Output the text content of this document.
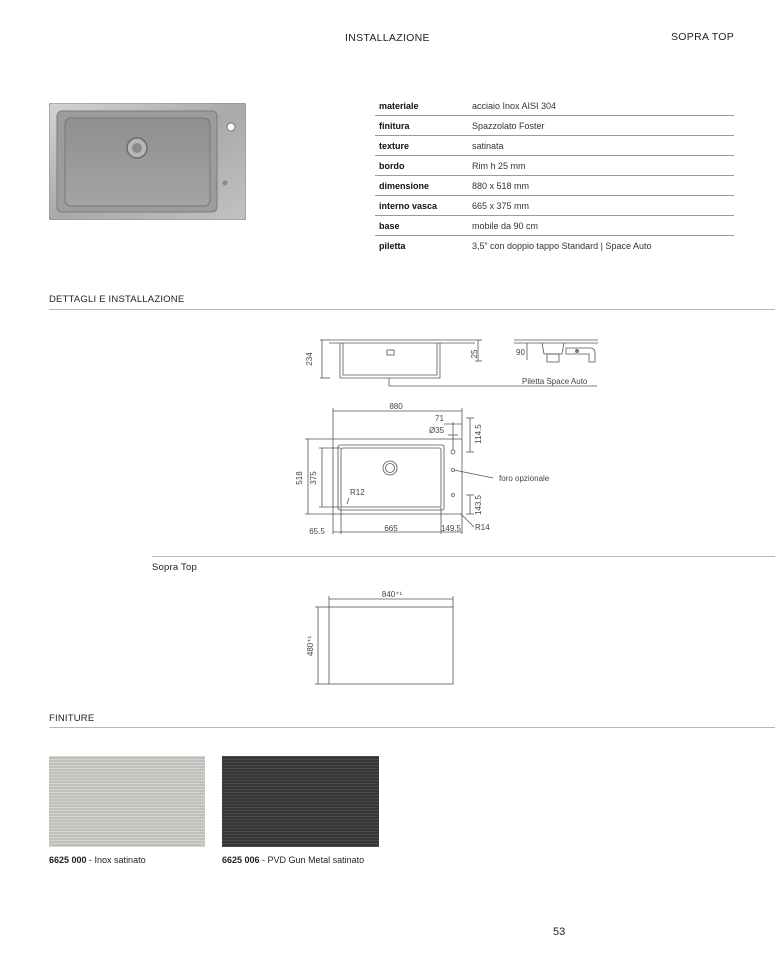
INSTALLAZIONE	SOPRA TOP
materiale	acciaio Inox AISI 304
finitura	Spazzolato Foster
texture	satinata
bordo	Rim h 25 mm
dimensione	880 x 518 mm
interno vasca	665 x 375 mm
base	mobile da 90 cm
piletta	3,5” con doppio tappo Standard | Space Auto
DETTAGLI E INSTALLAZIONE
234	25	90
Piletta Space Auto
880
71
Ø35	114.5
518 375
R12
foro opzionale
143.5
65.5	665	149.5 R14
Sopra Top
840⁺¹
480⁺¹
FINITURE
6625 000 - Inox satinato	6625 006 - PVD Gun Metal satinato
53
